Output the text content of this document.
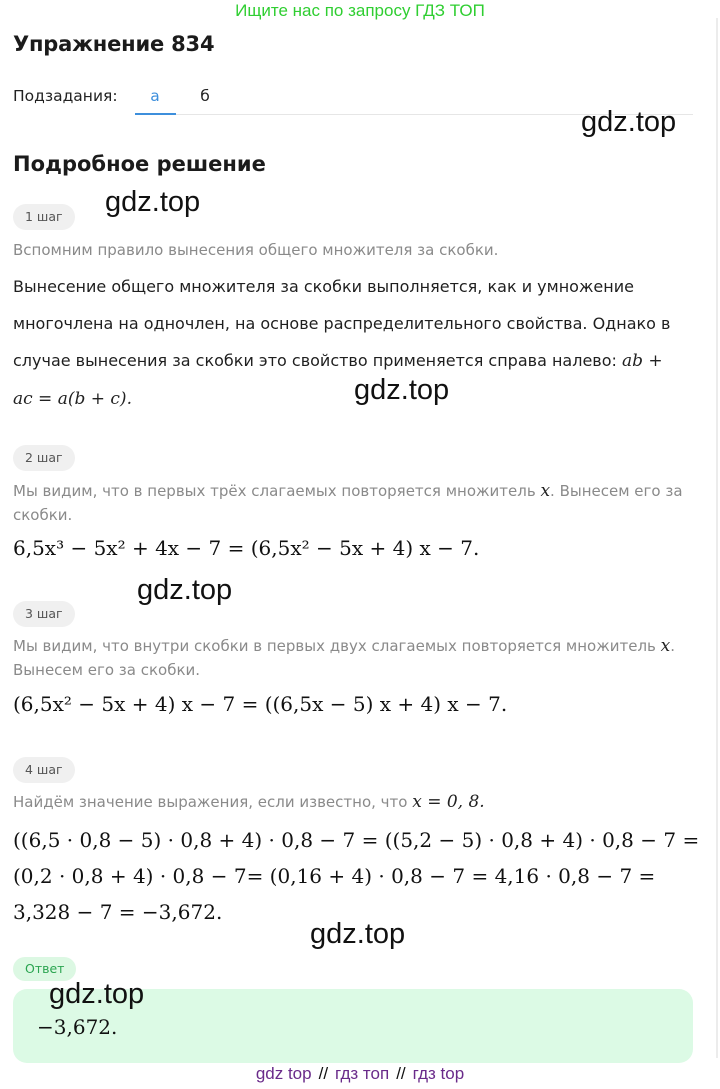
Ищите нас по запросу ГДЗ ТОП
Упражнение 834
Подзадания:	а	б
gdz.top
Подробное решение
1 шаг	gdz.top
Вспомним правило вынесения общего множителя за скобки.
Вынесение общего множителя за скобки выполняется, как и умножение
многочлена на одночлен, на основе распределительного свойства. Однако в
случае вынесения за скобки это свойство применяется справа налево: ab +
ac = a(b + c).	gdz.top
2 шаг
Мы видим, что в первых трёх слагаемых повторяется множитель x. Вынесем его за
скобки.
6,5x³ − 5x² + 4x − 7 = (6,5x² − 5x + 4) x − 7.
gdz.top
3 шаг
Мы видим, что внутри скобки в первых двух слагаемых повторяется множитель x.
Вынесем его за скобки.
(6,5x² − 5x + 4) x − 7 = ((6,5x − 5) x + 4) x − 7.
4 шаг
Найдём значение выражения, если известно, что x = 0, 8.
((6,5 · 0,8 − 5) · 0,8 + 4) · 0,8 − 7 = ((5,2 − 5) · 0,8 + 4) · 0,8 − 7 =
(0,2 · 0,8 + 4) · 0,8 − 7= (0,16 + 4) · 0,8 − 7 = 4,16 · 0,8 − 7 =
3,328 − 7 = −3,672.
gdz.top
Ответ
−3,672.
gdz.top
gdz top // гдз топ // гдз top
